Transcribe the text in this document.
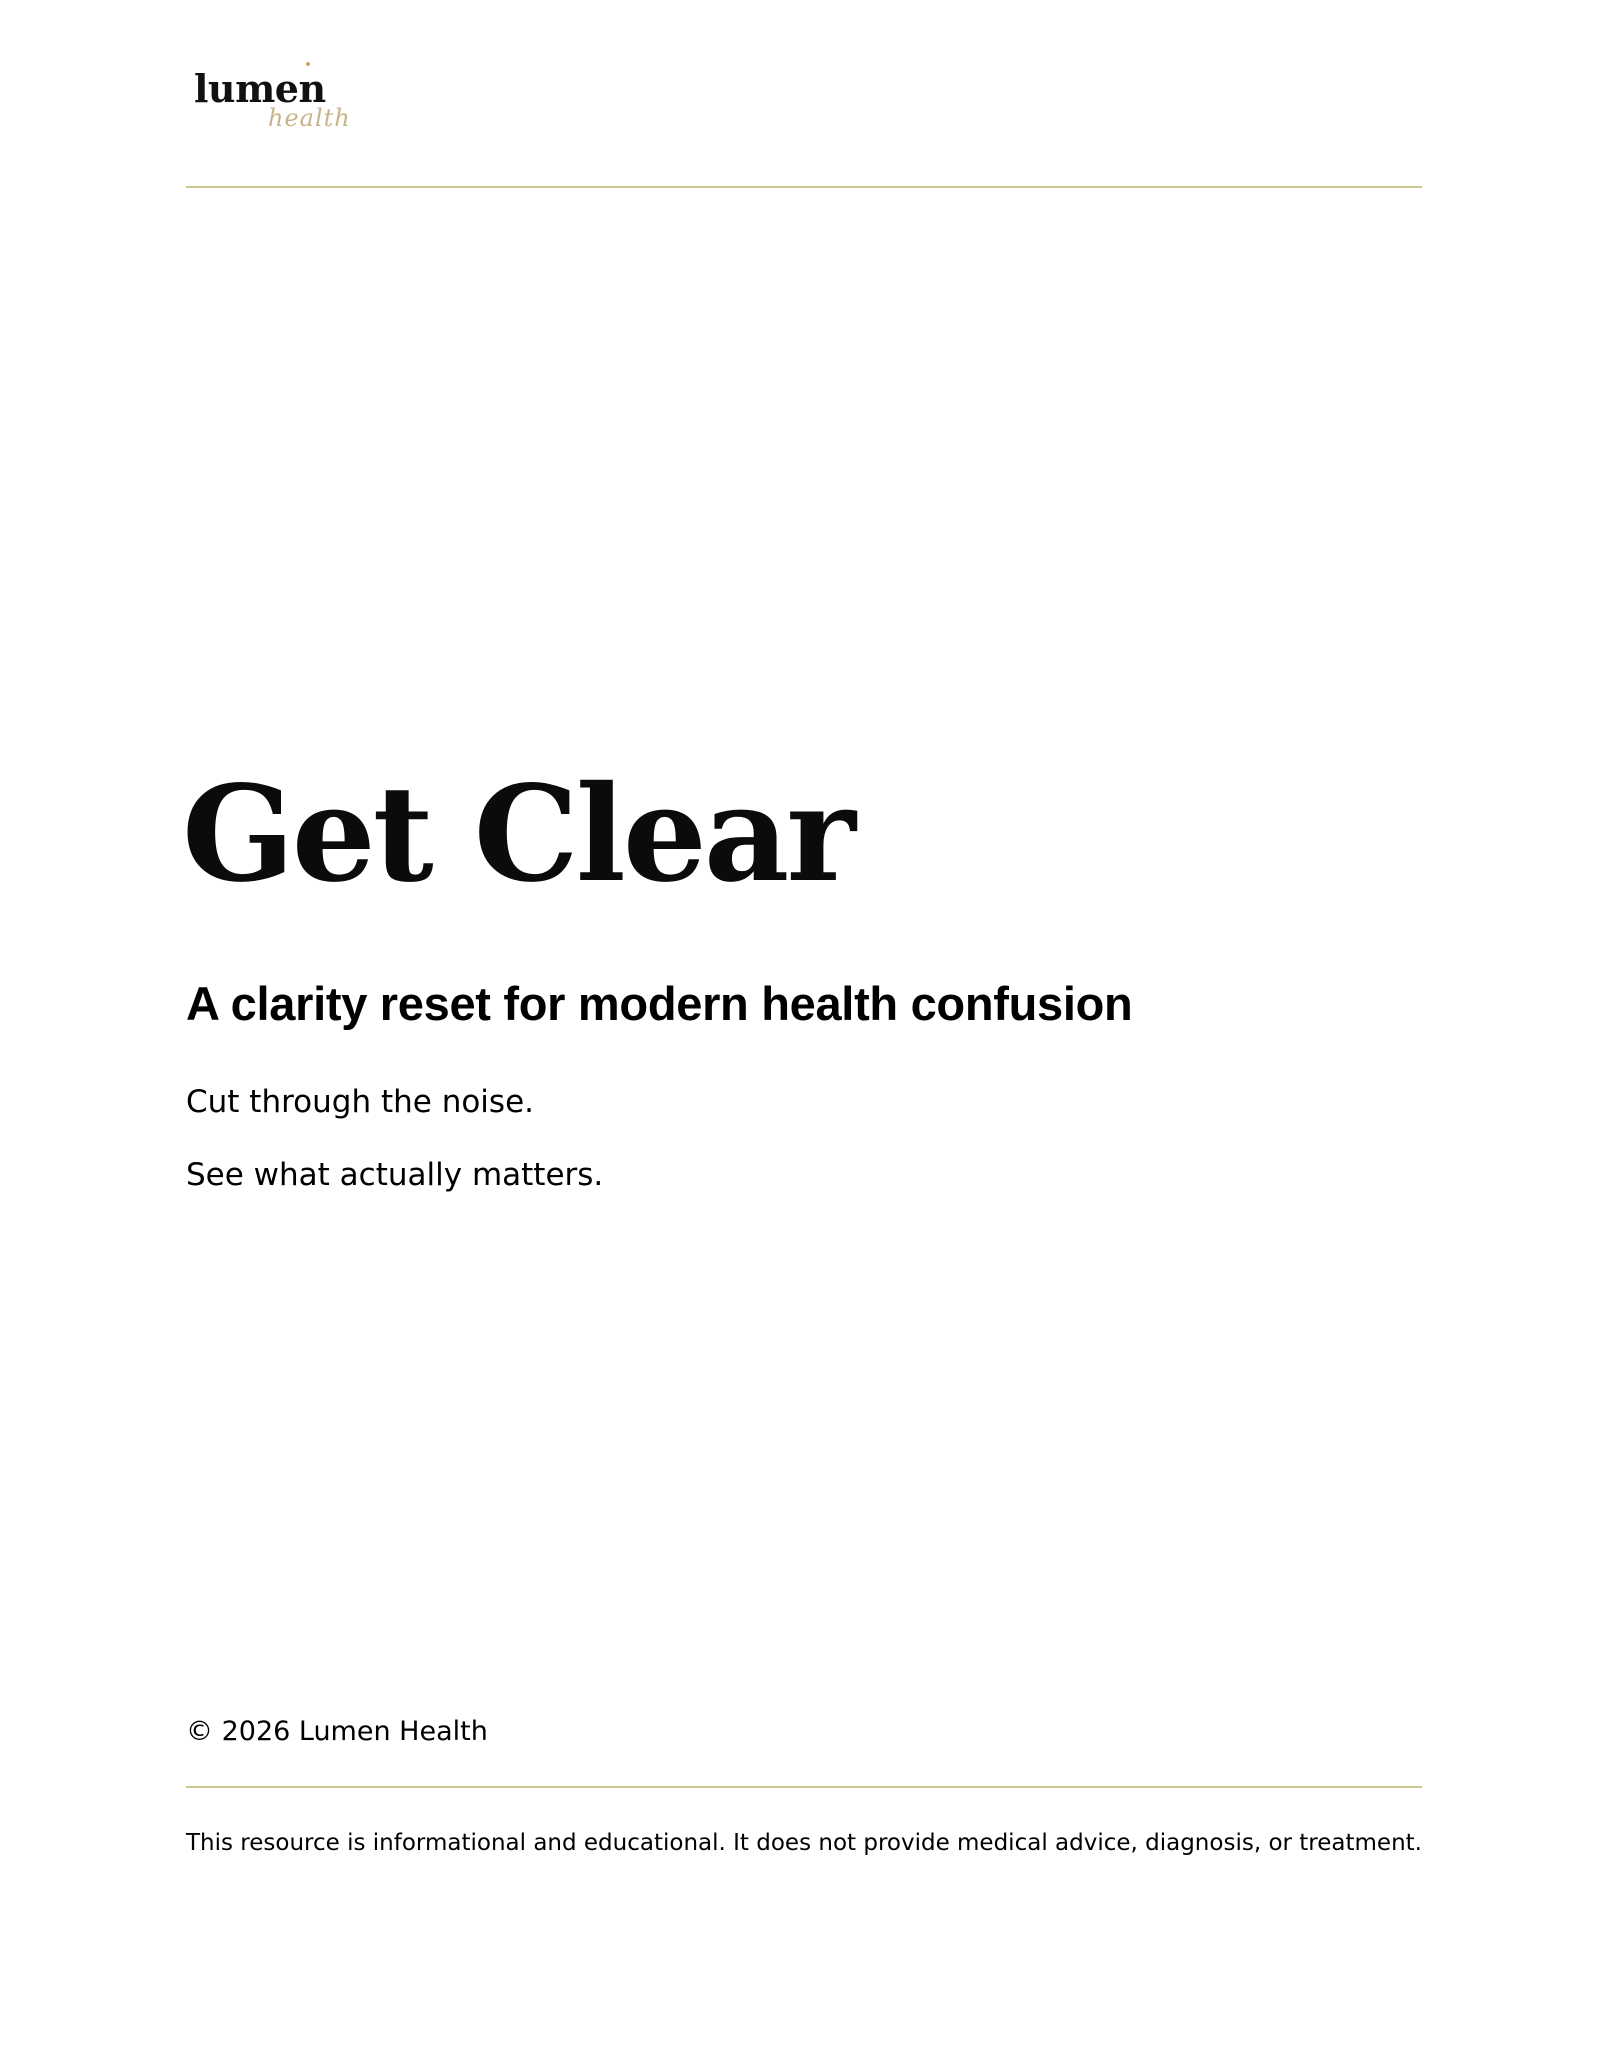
lumen
health
Get Clear
A clarity reset for modern health confusion

Cut through the noise.

See what actually matters.

© 2026 Lumen Health

This resource is informational and educational. It does not provide medical advice, diagnosis, or treatment.
